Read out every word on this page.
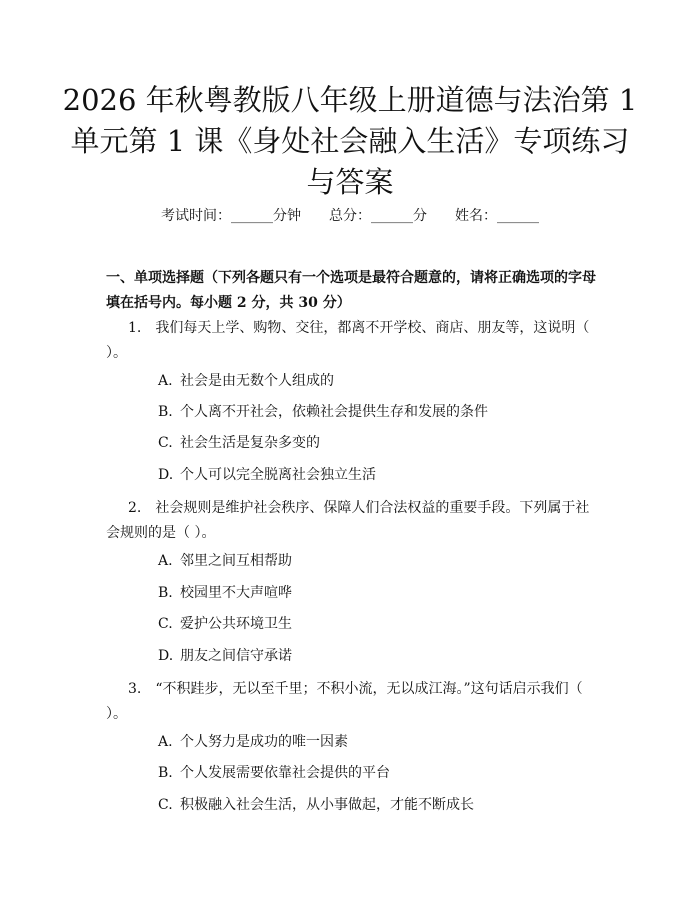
2026 年秋粤教版八年级上册道德与法治第 1
单元第 1 课《身处社会融入生活》专项练习
与答案
考试时间：______分钟 总分：______分 姓名：______
一、单项选择题（下列各题只有一个选项是最符合题意的，请将正确选项的字母填在括号内。每小题 2 分，共 30 分）
1. 我们每天上学、购物、交往，都离不开学校、商店、朋友等，这说明（ ）。
A. 社会是由无数个人组成的
B. 个人离不开社会，依赖社会提供生存和发展的条件
C. 社会生活是复杂多变的
D. 个人可以完全脱离社会独立生活
2. 社会规则是维护社会秩序、保障人们合法权益的重要手段。下列属于社会规则的是（ ）。
A. 邻里之间互相帮助
B. 校园里不大声喧哗
C. 爱护公共环境卫生
D. 朋友之间信守承诺
3. “不积跬步，无以至千里；不积小流，无以成江海。”这句话启示我们（ ）。
A. 个人努力是成功的唯一因素
B. 个人发展需要依靠社会提供的平台
C. 积极融入社会生活，从小事做起，才能不断成长
